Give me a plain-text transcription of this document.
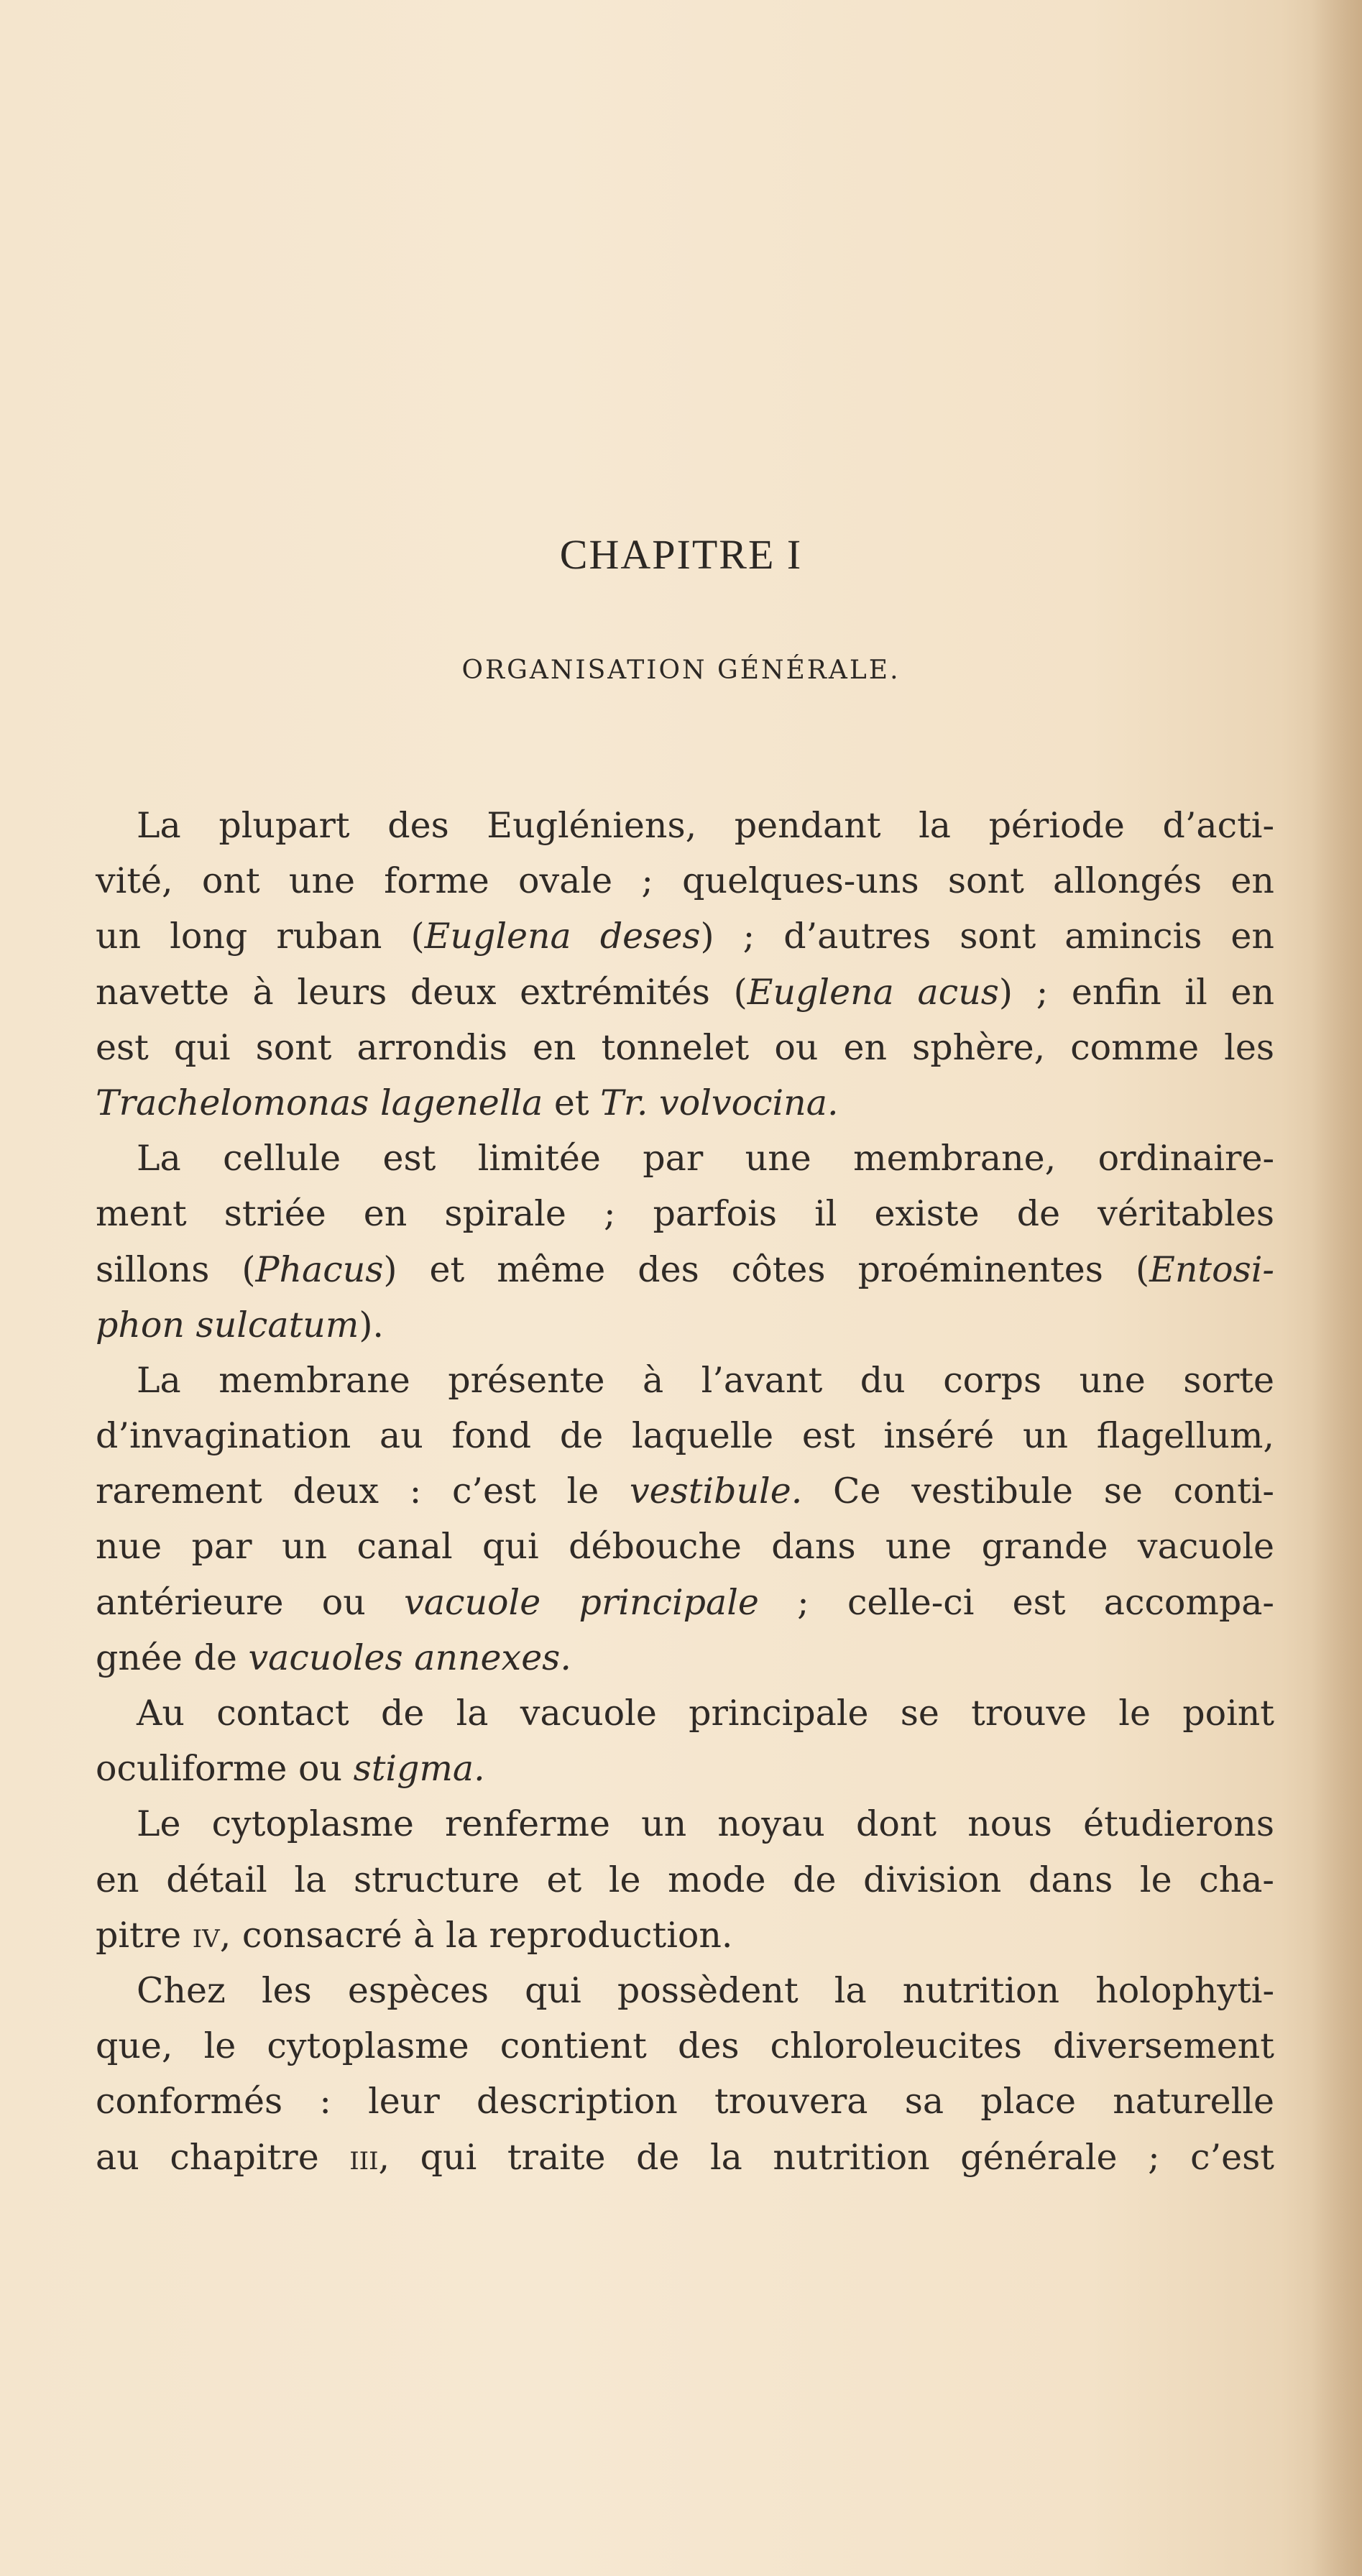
CHAPITRE I
ORGANISATION GÉNÉRALE.
La plupart des Eugléniens, pendant la période d’acti-
vité, ont une forme ovale ; quelques-uns sont allongés en
un long ruban (Euglena deses) ; d’autres sont amincis en
navette à leurs deux extrémités (Euglena acus) ; enfin il en
est qui sont arrondis en tonnelet ou en sphère, comme les
Trachelomonas lagenella et Tr. volvocina.
La cellule est limitée par une membrane, ordinaire-
ment striée en spirale ; parfois il existe de véritables
sillons (Phacus) et même des côtes proéminentes (Entosi-
phon sulcatum).
La membrane présente à l’avant du corps une sorte
d’invagination au fond de laquelle est inséré un flagellum,
rarement deux : c’est le vestibule. Ce vestibule se conti-
nue par un canal qui débouche dans une grande vacuole
antérieure ou vacuole principale ; celle-ci est accompa-
gnée de vacuoles annexes.
Au contact de la vacuole principale se trouve le point
oculiforme ou stigma.
Le cytoplasme renferme un noyau dont nous étudierons
en détail la structure et le mode de division dans le cha-
pitre iv, consacré à la reproduction.
Chez les espèces qui possèdent la nutrition holophyti-
que, le cytoplasme contient des chloroleucites diversement
conformés : leur description trouvera sa place naturelle
au chapitre iii, qui traite de la nutrition générale ; c’est
